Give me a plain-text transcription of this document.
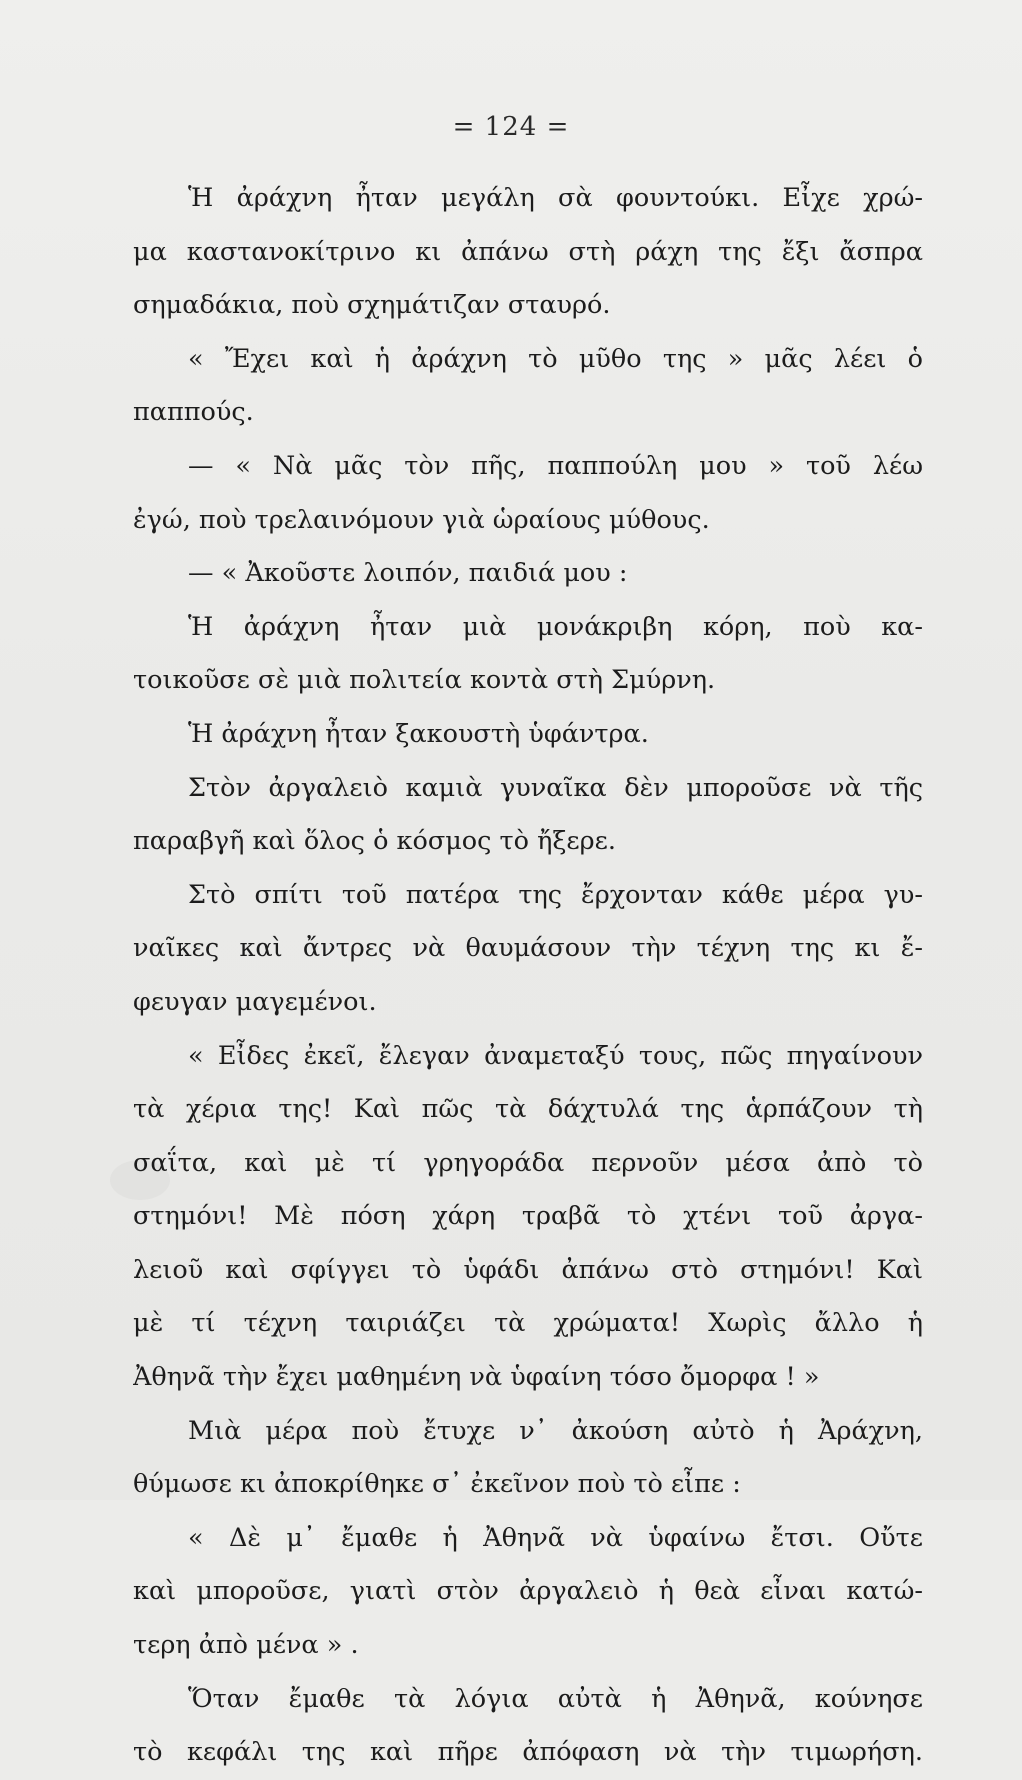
= 124 =
Ἡ ἀράχνη ἦταν μεγάλη σὰ φουντούκι. Εἶχε χρώ-
μα καστανοκίτρινο κι ἀπάνω στὴ ράχη της ἔξι ἄσπρα
σημαδάκια, ποὺ σχημάτιζαν σταυρό.
« Ἔχει καὶ ἡ ἀράχνη τὸ μῦθο της » μᾶς λέει ὁ
παππούς.
— « Νὰ μᾶς τὸν πῆς, παππούλη μου » τοῦ λέω
ἐγώ, ποὺ τρελαινόμουν γιὰ ὡραίους μύθους.
— « Ἀκοῦστε λοιπόν, παιδιά μου :
Ἡ ἀράχνη ἦταν μιὰ μονάκριβη κόρη, ποὺ κα-
τοικοῦσε σὲ μιὰ πολιτεία κοντὰ στὴ Σμύρνη.
Ἡ ἀράχνη ἦταν ξακουστὴ ὑφάντρα.
Στὸν ἀργαλειὸ καμιὰ γυναῖκα δὲν μποροῦσε νὰ τῆς
παραβγῆ καὶ ὅλος ὁ κόσμος τὸ ἤξερε.
Στὸ σπίτι τοῦ πατέρα της ἔρχονταν κάθε μέρα γυ-
ναῖκες καὶ ἄντρες νὰ θαυμάσουν τὴν τέχνη της κι ἔ-
φευγαν μαγεμένοι.
« Εἶδες ἐκεῖ, ἔλεγαν ἀναμεταξύ τους, πῶς πηγαίνουν
τὰ χέρια της! Καὶ πῶς τὰ δάχτυλά της ἁρπάζουν τὴ
σαΐτα, καὶ μὲ τί γρηγοράδα περνοῦν μέσα ἀπὸ τὸ
στημόνι! Μὲ πόση χάρη τραβᾶ τὸ χτένι τοῦ ἀργα-
λειοῦ καὶ σφίγγει τὸ ὑφάδι ἀπάνω στὸ στημόνι! Καὶ
μὲ τί τέχνη ταιριάζει τὰ χρώματα! Χωρὶς ἄλλο ἡ
Ἀθηνᾶ τὴν ἔχει μαθημένη νὰ ὑφαίνη τόσο ὄμορφα ! »
Μιὰ μέρα ποὺ ἔτυχε ν᾿ ἀκούση αὐτὸ ἡ Ἀράχνη,
θύμωσε κι ἀποκρίθηκε σ᾿ ἐκεῖνον ποὺ τὸ εἶπε :
« Δὲ μ᾿ ἔμαθε ἡ Ἀθηνᾶ νὰ ὑφαίνω ἔτσι. Οὔτε
καὶ μποροῦσε, γιατὶ στὸν ἀργαλειὸ ἡ θεὰ εἶναι κατώ-
τερη ἀπὸ μένα » .
Ὅταν ἔμαθε τὰ λόγια αὐτὰ ἡ Ἀθηνᾶ, κούνησε
τὸ κεφάλι της καὶ πῆρε ἀπόφαση νὰ τὴν τιμωρήση.
